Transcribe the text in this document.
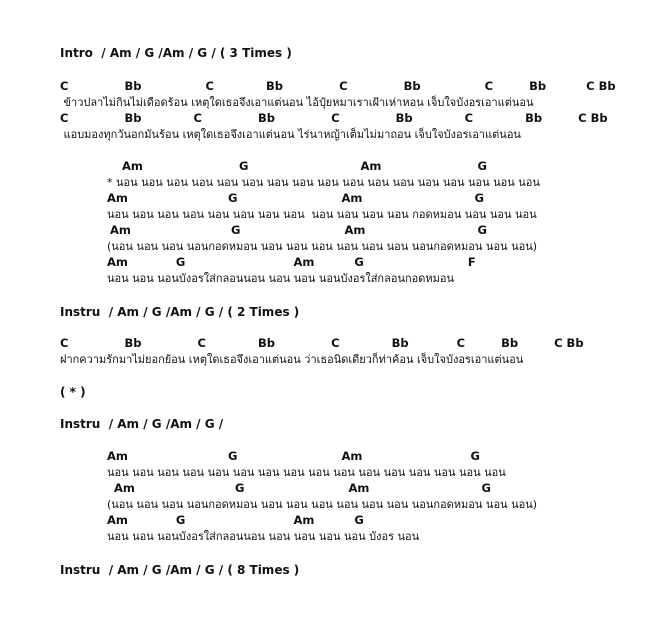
Intro  / Am / G /Am / G / ( 3 Times )
C              Bb                C             Bb              C              Bb                C         Bb          C Bb
ข้าวปลาไม่กินไม่เดือดร้อน เหตุใดเธอจึงเอาแต่นอน ไอ้ปุ๋ยหมาเราเฝ้าเห่าหอน เจ็บใจบังอรเอาแต่นอน
C              Bb             C              Bb              C              Bb             C             Bb         C Bb
แอบมองทุกวันอกมันร้อน เหตุใดเธอจึงเอาแต่นอน ไร่นาหญ้าเต็มไม่มาถอน เจ็บใจบังอรเอาแต่นอน
Am                        G                            Am                        G
* นอน นอน นอน นอน นอน นอน นอน นอน นอน นอน นอน นอน นอน นอน นอน นอน นอน
Am                         G                          Am                            G
นอน นอน นอน นอน นอน นอน นอน นอน  นอน นอน นอน นอน กอดหมอน นอน นอน นอน
Am                         G                          Am                            G
(นอน นอน นอน นอนกอดหมอน นอน นอน นอน นอน นอน นอน นอนกอดหมอน นอน นอน)
Am            G                           Am          G                          F
นอน นอน นอนบังอรใส่กลอนนอน นอน นอน นอนบังอรใส่กลอนกอดหมอน
Instru  / Am / G /Am / G / ( 2 Times )
C              Bb              C             Bb              C             Bb            C         Bb         C Bb
ฝากความรักมาไม่ยอกย้อน เหตุใดเธอจึงเอาแต่นอน ว่าเธอนิดเดียวก็ท่าค้อน เจ็บใจบังอรเอาแต่นอน
( * )
Instru  / Am / G /Am / G /
Am                         G                          Am                           G
นอน นอน นอน นอน นอน นอน นอน นอน นอน นอน นอน นอน นอน นอน นอน นอน
Am                         G                          Am                            G
(นอน นอน นอน นอนกอดหมอน นอน นอน นอน นอน นอน นอน นอนกอดหมอน นอน นอน)
Am            G                           Am          G
นอน นอน นอนบังอรใส่กลอนนอน นอน นอน นอน นอน บังอร นอน
Instru  / Am / G /Am / G / ( 8 Times )
